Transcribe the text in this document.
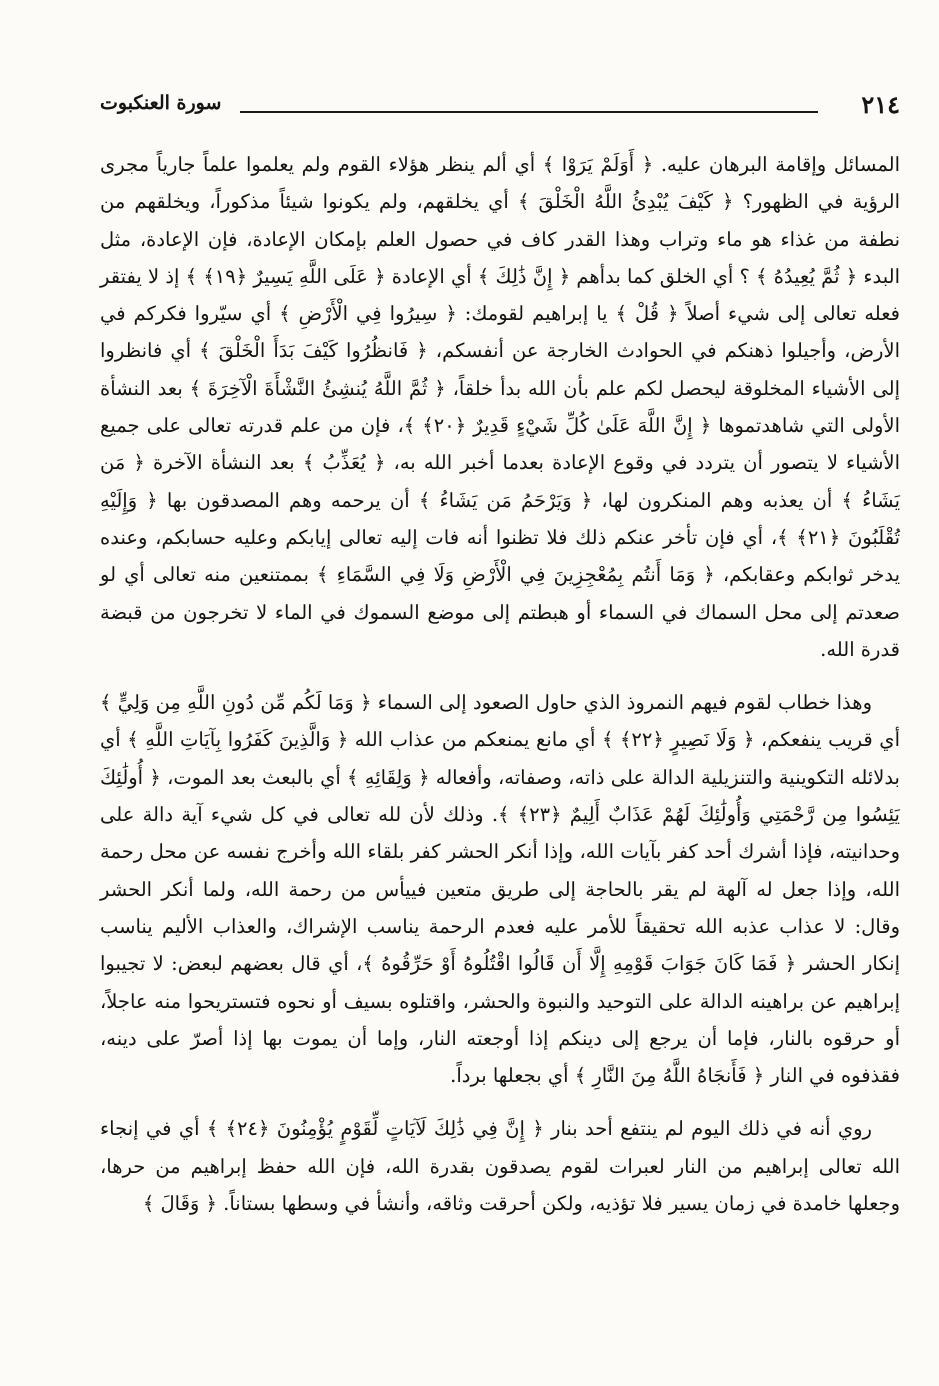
٢١٤
سورة العنكبوت

المسائل وإقامة البرهان عليه. ﴿ أَوَلَمْ يَرَوْا ﴾ أي ألم ينظر هؤلاء القوم ولم يعلموا علماً جارياً مجرى الرؤية في الظهور؟ ﴿ كَيْفَ يُبْدِئُ اللَّهُ الْخَلْقَ ﴾ أي يخلقهم، ولم يكونوا شيئاً مذكوراً، ويخلقهم من نطفة من غذاء هو ماء وتراب وهذا القدر كاف في حصول العلم بإمكان الإعادة، فإن الإعادة، مثل البدء ﴿ ثُمَّ يُعِيدُهُ ﴾ ؟ أي الخلق كما بدأهم ﴿ إِنَّ ذَٰلِكَ ﴾ أي الإعادة ﴿ عَلَى اللَّهِ يَسِيرٌ ﴿١٩﴾ ﴾ إذ لا يفتقر فعله تعالى إلى شيء أصلاً ﴿ قُلْ ﴾ يا إبراهيم لقومك: ﴿ سِيرُوا فِي الْأَرْضِ ﴾ أي سيّروا فكركم في الأرض، وأجيلوا ذهنكم في الحوادث الخارجة عن أنفسكم، ﴿ فَانظُرُوا كَيْفَ بَدَأَ الْخَلْقَ ﴾ أي فانظروا إلى الأشياء المخلوقة ليحصل لكم علم بأن الله بدأ خلقاً، ﴿ ثُمَّ اللَّهُ يُنشِئُ النَّشْأَةَ الْآخِرَةَ ﴾ بعد النشأة الأولى التي شاهدتموها ﴿ إِنَّ اللَّهَ عَلَىٰ كُلِّ شَيْءٍ قَدِيرٌ ﴿٢٠﴾ ﴾، فإن من علم قدرته تعالى على جميع الأشياء لا يتصور أن يتردد في وقوع الإعادة بعدما أخبر الله به، ﴿ يُعَذِّبُ ﴾ بعد النشأة الآخرة ﴿ مَن يَشَاءُ ﴾ أن يعذبه وهم المنكرون لها، ﴿ وَيَرْحَمُ مَن يَشَاءُ ﴾ أن يرحمه وهم المصدقون بها ﴿ وَإِلَيْهِ تُقْلَبُونَ ﴿٢١﴾ ﴾، أي فإن تأخر عنكم ذلك فلا تظنوا أنه فات إليه تعالى إيابكم وعليه حسابكم، وعنده يدخر ثوابكم وعقابكم، ﴿ وَمَا أَنتُم بِمُعْجِزِينَ فِي الْأَرْضِ وَلَا فِي السَّمَاءِ ﴾ بممتنعين منه تعالى أي لو صعدتم إلى محل السماك في السماء أو هبطتم إلى موضع السموك في الماء لا تخرجون من قبضة قدرة الله.

وهذا خطاب لقوم فيهم النمروذ الذي حاول الصعود إلى السماء ﴿ وَمَا لَكُم مِّن دُونِ اللَّهِ مِن وَلِيٍّ ﴾ أي قريب ينفعكم، ﴿ وَلَا نَصِيرٍ ﴿٢٢﴾ ﴾ أي مانع يمنعكم من عذاب الله ﴿ وَالَّذِينَ كَفَرُوا بِآيَاتِ اللَّهِ ﴾ أي بدلائله التكوينية والتنزيلية الدالة على ذاته، وصفاته، وأفعاله ﴿ وَلِقَائِهِ ﴾ أي بالبعث بعد الموت، ﴿ أُولَٰئِكَ يَئِسُوا مِن رَّحْمَتِي وَأُولَٰئِكَ لَهُمْ عَذَابٌ أَلِيمٌ ﴿٢٣﴾ ﴾. وذلك لأن لله تعالى في كل شيء آية دالة على وحدانيته، فإذا أشرك أحد كفر بآيات الله، وإذا أنكر الحشر كفر بلقاء الله وأخرج نفسه عن محل رحمة الله، وإذا جعل له آلهة لم يقر بالحاجة إلى طريق متعين فييأس من رحمة الله، ولما أنكر الحشر وقال: لا عذاب عذبه الله تحقيقاً للأمر عليه فعدم الرحمة يناسب الإشراك، والعذاب الأليم يناسب إنكار الحشر ﴿ فَمَا كَانَ جَوَابَ قَوْمِهِ إِلَّا أَن قَالُوا اقْتُلُوهُ أَوْ حَرِّقُوهُ ﴾، أي قال بعضهم لبعض: لا تجيبوا إبراهيم عن براهينه الدالة على التوحيد والنبوة والحشر، واقتلوه بسيف أو نحوه فتستريحوا منه عاجلاً، أو حرقوه بالنار، فإما أن يرجع إلى دينكم إذا أوجعته النار، وإما أن يموت بها إذا أصرّ على دينه، فقذفوه في النار ﴿ فَأَنجَاهُ اللَّهُ مِنَ النَّارِ ﴾ أي بجعلها برداً.

روي أنه في ذلك اليوم لم ينتفع أحد بنار ﴿ إِنَّ فِي ذَٰلِكَ لَآيَاتٍ لِّقَوْمٍ يُؤْمِنُونَ ﴿٢٤﴾ ﴾ أي في إنجاء الله تعالى إبراهيم من النار لعبرات لقوم يصدقون بقدرة الله، فإن الله حفظ إبراهيم من حرها، وجعلها خامدة في زمان يسير فلا تؤذيه، ولكن أحرقت وثاقه، وأنشأ في وسطها بستاناً. ﴿ وَقَالَ ﴾
